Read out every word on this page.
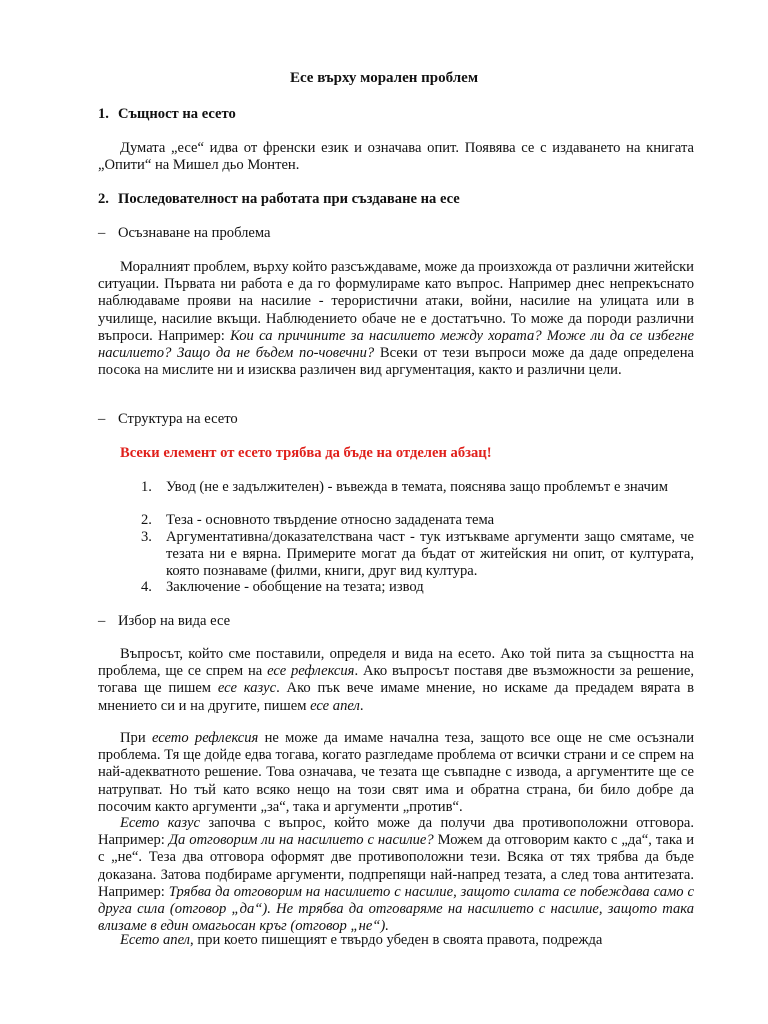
Есе върху морален проблем
1. Същност на есето
Думата „есе“ идва от френски език и означава опит. Появява се с издаването на книгата „Опити“ на Мишел дьо Монтен.
2. Последователност на работата при създаване на есе
– Осъзнаване на проблема
Моралният проблем, върху който разсъждаваме, може да произхожда от различни житейски ситуации. Първата ни работа е да го формулираме като въпрос. Например днес непрекъснато наблюдаваме прояви на насилие - терористични атаки, войни, насилие на улицата или в училище, насилие вкъщи. Наблюдението обаче не е достатъчно. То може да породи различни въпроси. Например: Кои са причините за насилието между хората? Може ли да се избегне насилието? Защо да не бъдем по-човечни? Всеки от тези въпроси може да даде определена посока на мислите ни и изисква различен вид аргументация, както и различни цели.
– Структура на есето
Всеки елемент от есето трябва да бъде на отделен абзац!
1. Увод (не е задължителен) - въвежда в темата, пояснява защо проблемът е значим
2. Теза - основното твърдение относно зададената тема
3. Аргументативна/доказателствана част - тук изтъкваме аргументи защо смятаме, че тезата ни е вярна. Примерите могат да бъдат от житейския ни опит, от културата, която познаваме (филми, книги, друг вид култура.
4. Заключение - обобщение на тезата; извод
– Избор на вида есе
Въпросът, който сме поставили, определя и вида на есето. Ако той пита за същността на проблема, ще се спрем на есе рефлексия. Ако въпросът поставя две възможности за решение, тогава ще пишем есе казус. Ако пък вече имаме мнение, но искаме да предадем вярата в мнението си и на другите, пишем есе апел.
При есето рефлексия не може да имаме начална теза, защото все още не сме осъзнали проблема. Тя ще дойде едва тогава, когато разгледаме проблема от всички страни и се спрем на най-адекватното решение. Това означава, че тезата ще съвпадне с извода, а аргументите ще се натрупват. Но тъй като всяко нещо на този свят има и обратна страна, би било добре да посочим както аргументи „за“, така и аргументи „против“.
Есето казус започва с въпрос, който може да получи два противоположни отговора. Например: Да отговорим ли на насилието с насилие? Можем да отговорим както с „да“, така и с „не“. Теза два отговора оформят две противоположни тези. Всяка от тях трябва да бъде доказана. Затова подбираме аргументи, подпрепящи най-напред тезата, а след това антитезата. Например: Трябва да отговорим на насилието с насилие, защото силата се побеждава само с друга сила (отговор „да“). Не трябва да отговаряме на насилието с насилие, защото така влизаме в един омагьосан кръг (отговор „не“).
Есето апел, при което пишещият е твърдо убеден в своята правота, подрежда
